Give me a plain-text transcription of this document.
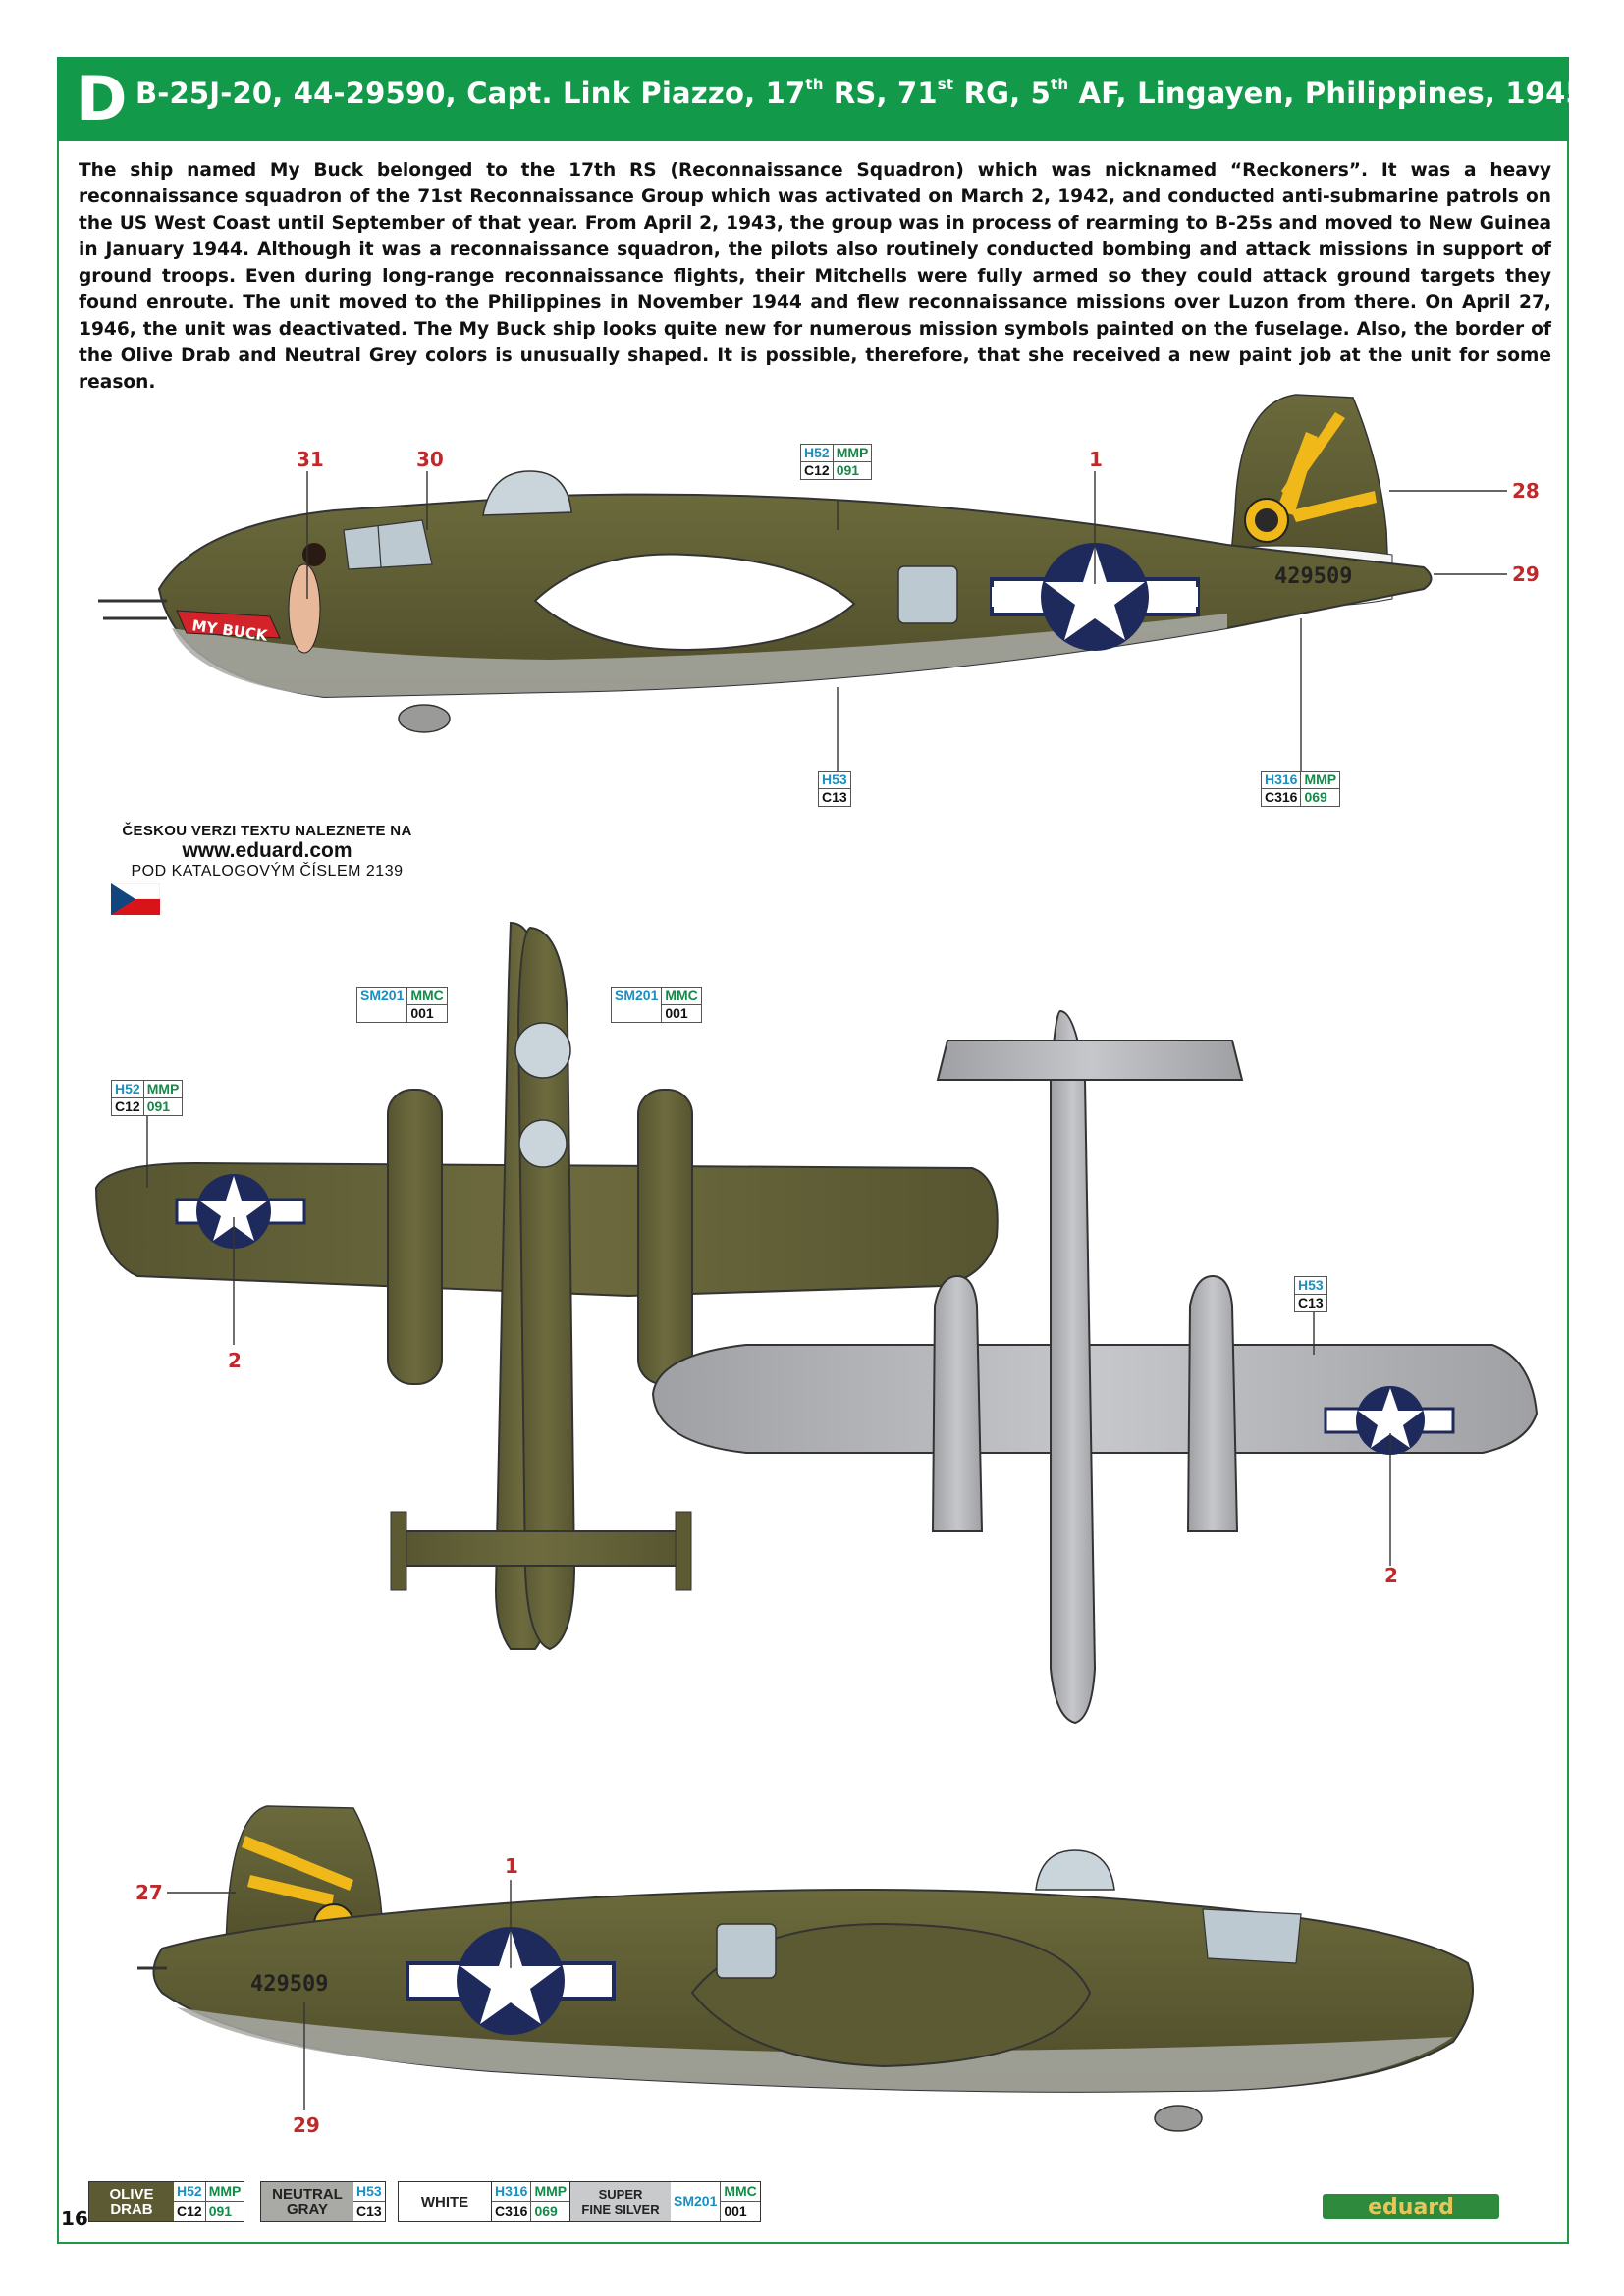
D B-25J-20, 44-29590, Capt. Link Piazzo, 17th RS, 71st RG, 5th AF, Lingayen, Philippines, 1945

The ship named My Buck belonged to the 17th RS (Reconnaissance Squadron) which was nicknamed “Reckoners”. It was a heavy reconnaissance squadron of the 71st Reconnaissance Group which was activated on March 2, 1942, and conducted anti-submarine patrols on the US West Coast until September of that year. From April 2, 1943, the group was in process of rearming to B-25s and moved to New Guinea in January 1944. Although it was a reconnaissance squadron, the pilots also routinely conducted bombing and attack missions in support of ground troops. Even during long-range reconnaissance flights, their Mitchells were fully armed so they could attack ground targets they found enroute. The unit moved to the Philippines in November 1944 and flew reconnaissance missions over Luzon from there. On April 27, 1946, the unit was deactivated. The My Buck ship looks quite new for numerous mission symbols painted on the fuselage. Also, the border of the Olive Drab and Neutral Grey colors is unusually shaped. It is possible, therefore, that she received a new paint job at the unit for some reason.

429509
429509
MY BUCK
31	30	1
28
29
2
2
27
1
29
H52 MMP
C12 091
H53
C13
H316 MMP
C316 069
SM201 MMC
001
SM201 MMC
001
H52 MMP
C12 091
H53
C13
ČESKOU VERZI TEXTU NALEZNETE NA
www.eduard.com
POD KATALOGOVÝM ČÍSLEM 2139
OLIVE
DRAB
H52 MMP
C12 091
NEUTRAL
GRAY
H53
C13
WHITE
H316 MMP
C316 069
SUPER
FINE SILVER
SM201
MMC
001
16	eduard
